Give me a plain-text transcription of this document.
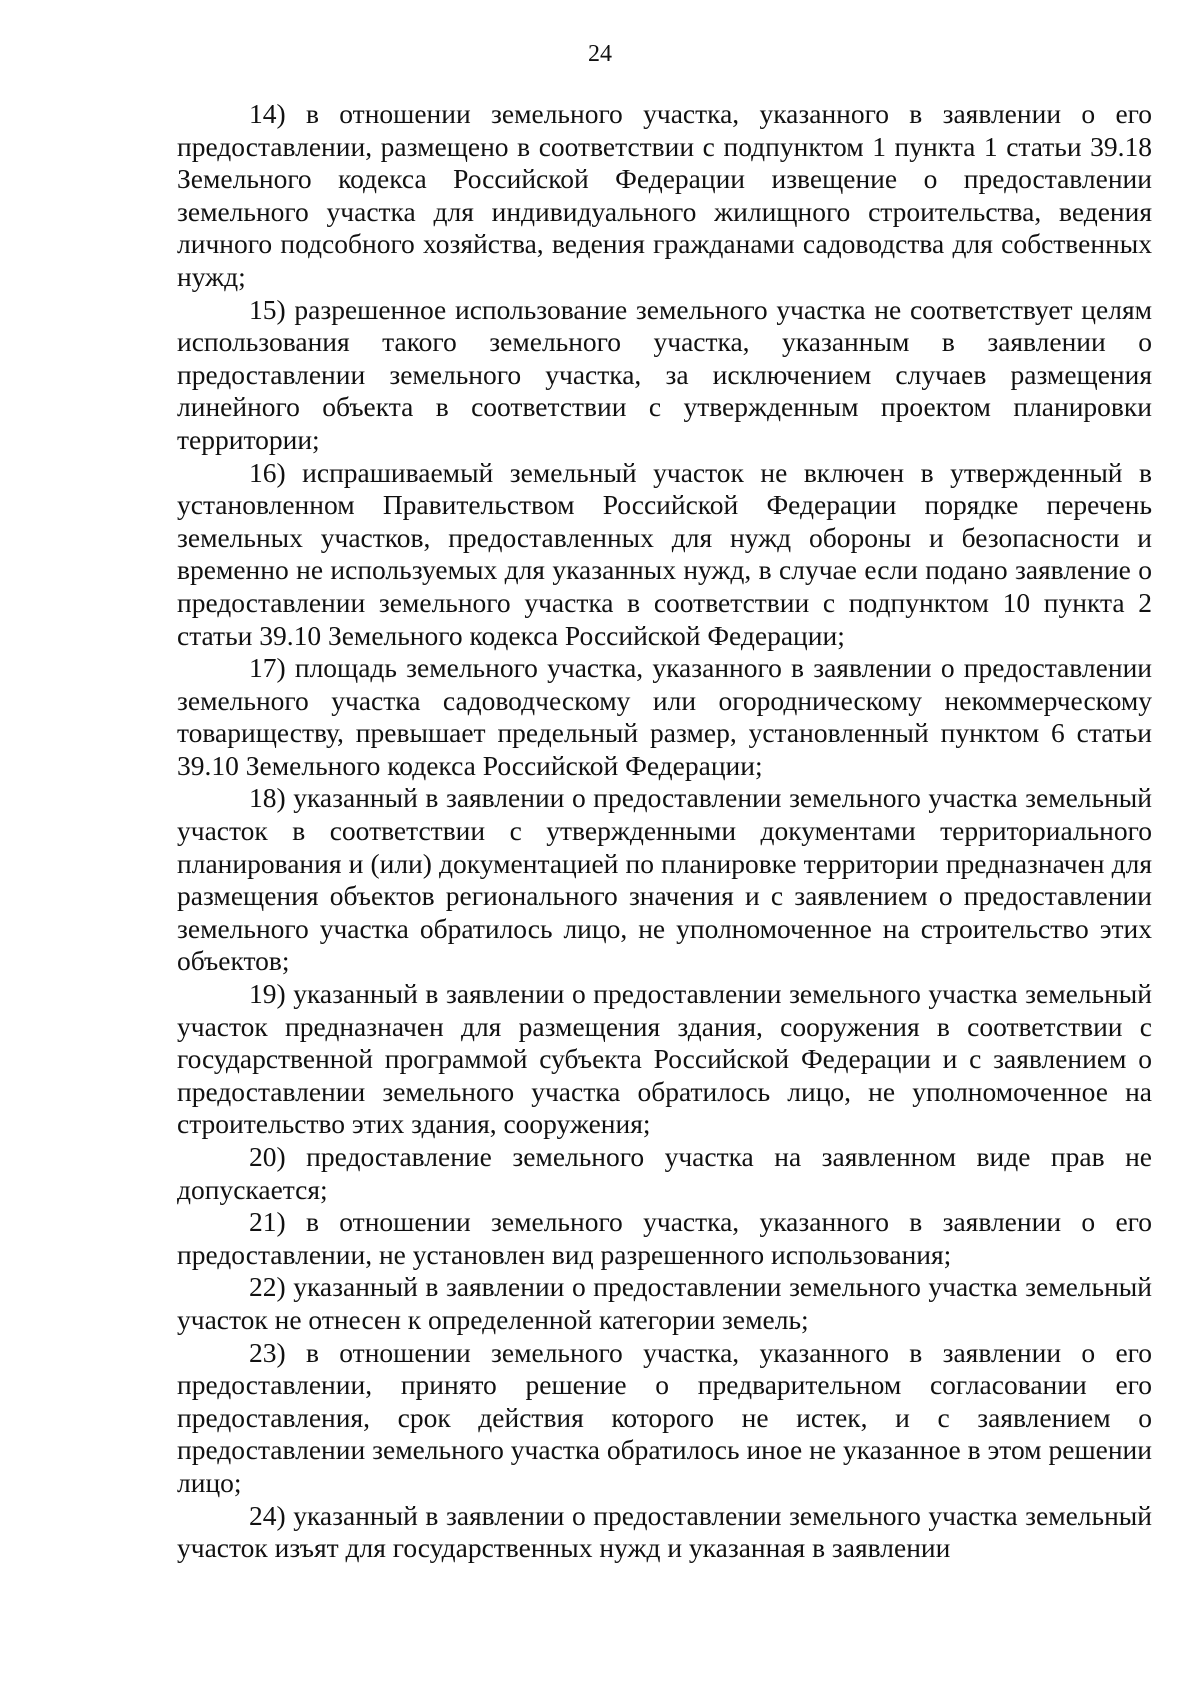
24

14) в отношении земельного участка, указанного в заявлении о его предоставлении, размещено в соответствии с подпунктом 1 пункта 1 статьи 39.18 Земельного кодекса Российской Федерации извещение о предоставлении земельного участка для индивидуального жилищного строительства, ведения личного подсобного хозяйства, ведения гражданами садоводства для собственных нужд;

15) разрешенное использование земельного участка не соответствует целям использования такого земельного участка, указанным в заявлении о предоставлении земельного участка, за исключением случаев размещения линейного объекта в соответствии с утвержденным проектом планировки территории;

16) испрашиваемый земельный участок не включен в утвержденный в установленном Правительством Российской Федерации порядке перечень земельных участков, предоставленных для нужд обороны и безопасности и временно не используемых для указанных нужд, в случае если подано заявление о предоставлении земельного участка в соответствии с подпунктом 10 пункта 2 статьи 39.10 Земельного кодекса Российской Федерации;

17) площадь земельного участка, указанного в заявлении о предоставлении земельного участка садоводческому или огородническому некоммерческому товариществу, превышает предельный размер, установленный пунктом 6 статьи 39.10 Земельного кодекса Российской Федерации;

18) указанный в заявлении о предоставлении земельного участка земельный участок в соответствии с утвержденными документами территориального планирования и (или) документацией по планировке территории предназначен для размещения объектов регионального значения и с заявлением о предоставлении земельного участка обратилось лицо, не уполномоченное на строительство этих объектов;

19) указанный в заявлении о предоставлении земельного участка земельный участок предназначен для размещения здания, сооружения в соответствии с государственной программой субъекта Российской Федерации и с заявлением о предоставлении земельного участка обратилось лицо, не уполномоченное на строительство этих здания, сооружения;

20) предоставление земельного участка на заявленном виде прав не допускается;

21) в отношении земельного участка, указанного в заявлении о его предоставлении, не установлен вид разрешенного использования;

22) указанный в заявлении о предоставлении земельного участка земельный участок не отнесен к определенной категории земель;

23) в отношении земельного участка, указанного в заявлении о его предоставлении, принято решение о предварительном согласовании его предоставления, срок действия которого не истек, и с заявлением о предоставлении земельного участка обратилось иное не указанное в этом решении лицо;

24) указанный в заявлении о предоставлении земельного участка земельный участок изъят для государственных нужд и указанная в заявлении
